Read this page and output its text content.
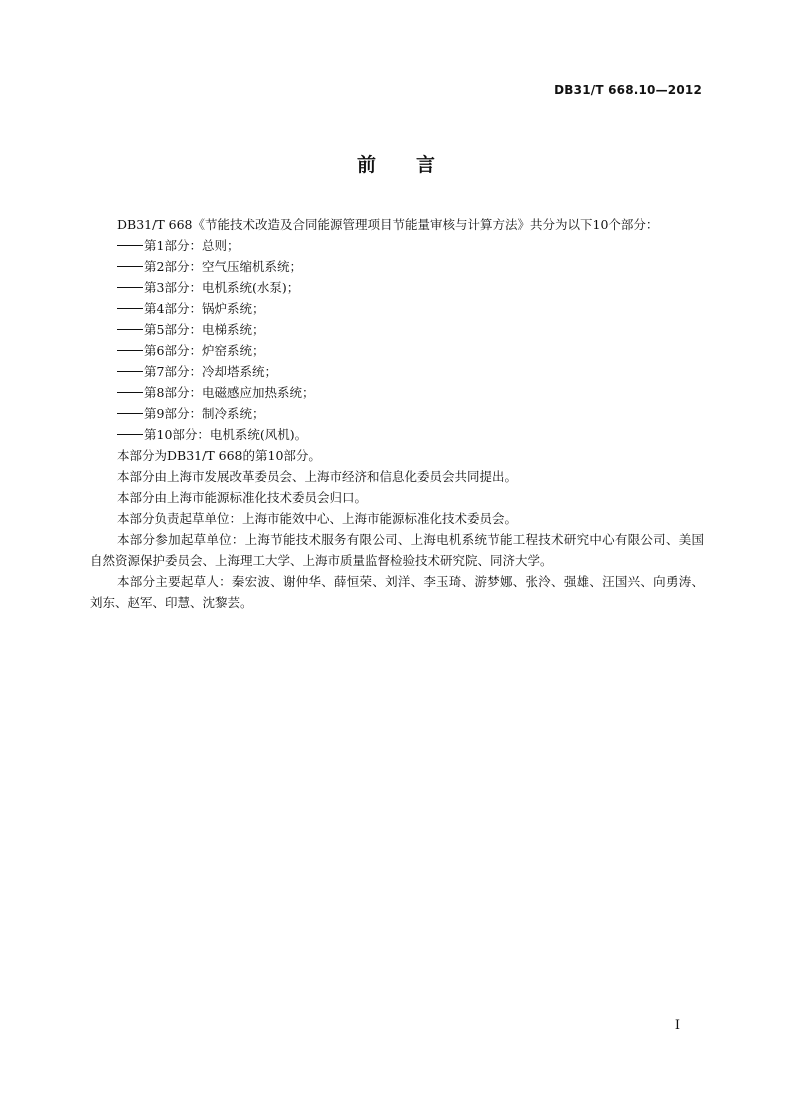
DB31/T 668.10—2012
前言

DB31/T 668《节能技术改造及合同能源管理项目节能量审核与计算方法》共分为以下10个部分：

第1部分：总则；
第2部分：空气压缩机系统；
第3部分：电机系统(水泵)；
第4部分：锅炉系统；
第5部分：电梯系统；
第6部分：炉窑系统；
第7部分：冷却塔系统；
第8部分：电磁感应加热系统；
第9部分：制冷系统；
第10部分：电机系统(风机)。

本部分为DB31/T 668的第10部分。

本部分由上海市发展改革委员会、上海市经济和信息化委员会共同提出。

本部分由上海市能源标准化技术委员会归口。

本部分负责起草单位：上海市能效中心、上海市能源标准化技术委员会。

本部分参加起草单位：上海节能技术服务有限公司、上海电机系统节能工程技术研究中心有限公司、美国自然资源保护委员会、上海理工大学、上海市质量监督检验技术研究院、同济大学。

本部分主要起草人：秦宏波、谢仲华、薛恒荣、刘洋、李玉琦、游梦娜、张泠、强雄、汪国兴、向勇涛、刘东、赵军、印慧、沈黎芸。

I
